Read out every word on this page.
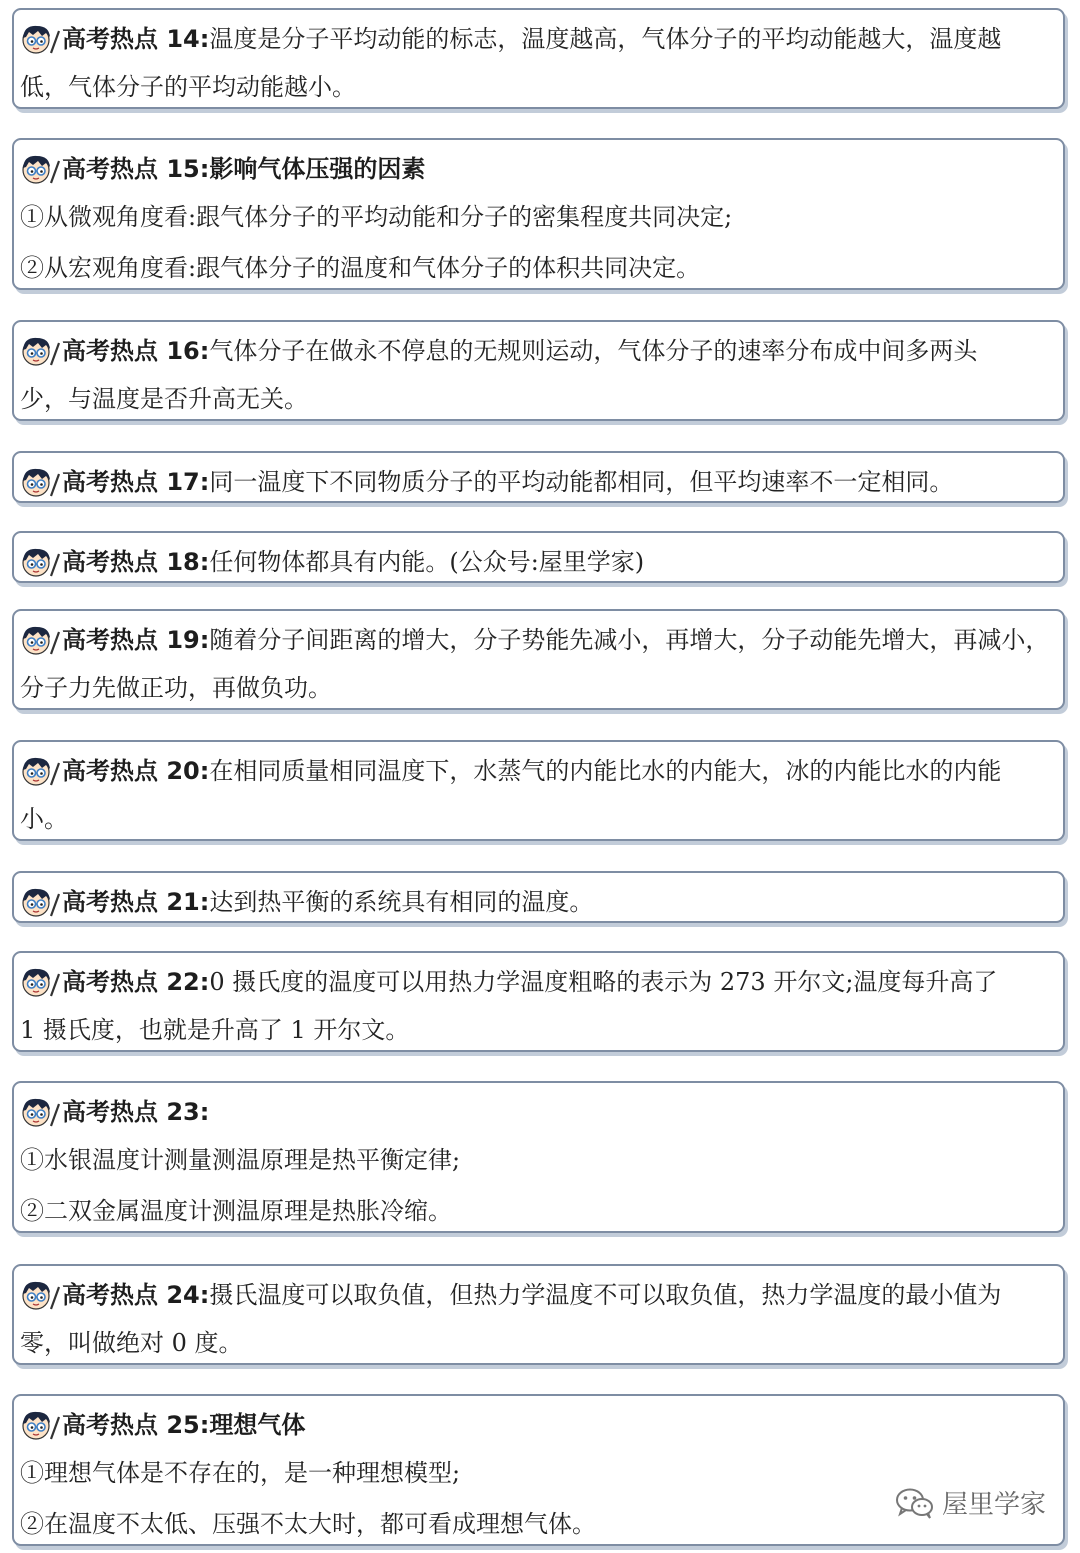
高考热点 14: 温度是分子平均动能的标志，温度越高，气体分子的平均动能越大，温度越
低，气体分子的平均动能越小。
高考热点 15:影响气体压强的因素
①从微观角度看:跟气体分子的平均动能和分子的密集程度共同决定;
②从宏观角度看:跟气体分子的温度和气体分子的体积共同决定。
高考热点 16: 气体分子在做永不停息的无规则运动，气体分子的速率分布成中间多两头
少，与温度是否升高无关。
高考热点 17: 同一温度下不同物质分子的平均动能都相同，但平均速率不一定相同。
高考热点 18: 任何物体都具有内能。(公众号:屋里学家)
高考热点 19: 随着分子间距离的增大，分子势能先减小，再增大，分子动能先增大，再减小，
分子力先做正功，再做负功。
高考热点 20: 在相同质量相同温度下，水蒸气的内能比水的内能大，冰的内能比水的内能
小。
高考热点 21: 达到热平衡的系统具有相同的温度。
高考热点 22: 0 摄氏度的温度可以用热力学温度粗略的表示为 273 开尔文;温度每升高了
1 摄氏度，也就是升高了 1 开尔文。
高考热点 23:
①水银温度计测量测温原理是热平衡定律;
②二双金属温度计测温原理是热胀冷缩。
高考热点 24: 摄氏温度可以取负值，但热力学温度不可以取负值，热力学温度的最小值为
零，叫做绝对 0 度。
高考热点 25:理想气体
①理想气体是不存在的，是一种理想模型;
②在温度不太低、压强不太大时，都可看成理想气体。
屋里学家
